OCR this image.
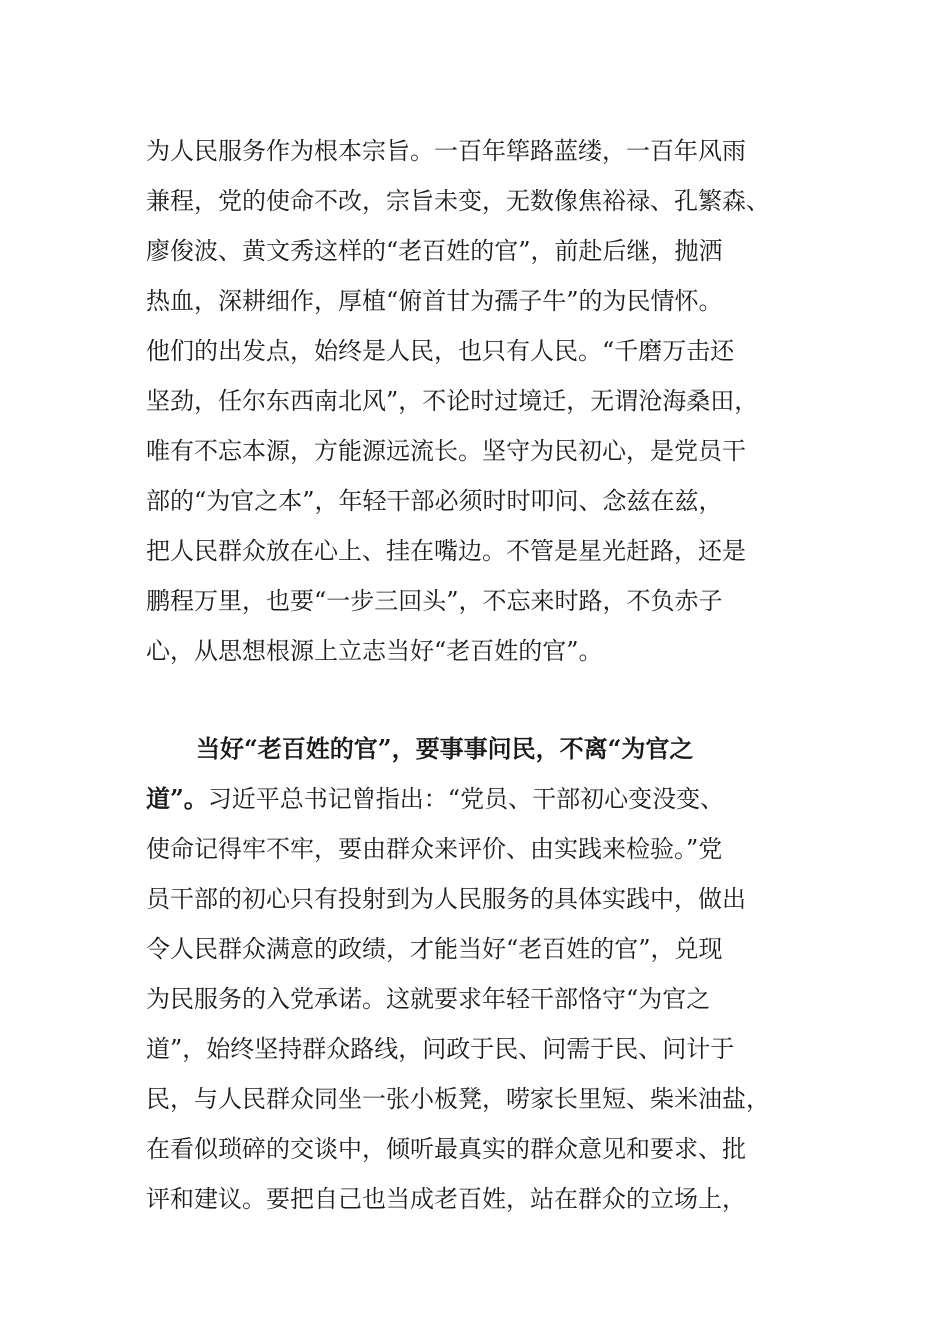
为人民服务作为根本宗旨。一百年筚路蓝缕，一百年风雨
兼程，党的使命不改，宗旨未变，无数像焦裕禄、孔繁森、
廖俊波、黄文秀这样的“老百姓的官”，前赴后继，抛洒
热血，深耕细作，厚植“俯首甘为孺子牛”的为民情怀。
他们的出发点，始终是人民，也只有人民。“千磨万击还
坚劲，任尔东西南北风”，不论时过境迁，无谓沧海桑田，
唯有不忘本源，方能源远流长。坚守为民初心，是党员干
部的“为官之本”，年轻干部必须时时叩问、念兹在兹，
把人民群众放在心上、挂在嘴边。不管是星光赶路，还是
鹏程万里，也要“一步三回头”，不忘来时路，不负赤子
心，从思想根源上立志当好“老百姓的官”。
当好“老百姓的官”，要事事问民，不离“为官之
道”。习近平总书记曾指出：“党员、干部初心变没变、
使命记得牢不牢，要由群众来评价、由实践来检验。”党
员干部的初心只有投射到为人民服务的具体实践中，做出
令人民群众满意的政绩，才能当好“老百姓的官”，兑现
为民服务的入党承诺。这就要求年轻干部恪守“为官之
道”，始终坚持群众路线，问政于民、问需于民、问计于
民，与人民群众同坐一张小板凳，唠家长里短、柴米油盐，
在看似琐碎的交谈中，倾听最真实的群众意见和要求、批
评和建议。要把自己也当成老百姓，站在群众的立场上，
